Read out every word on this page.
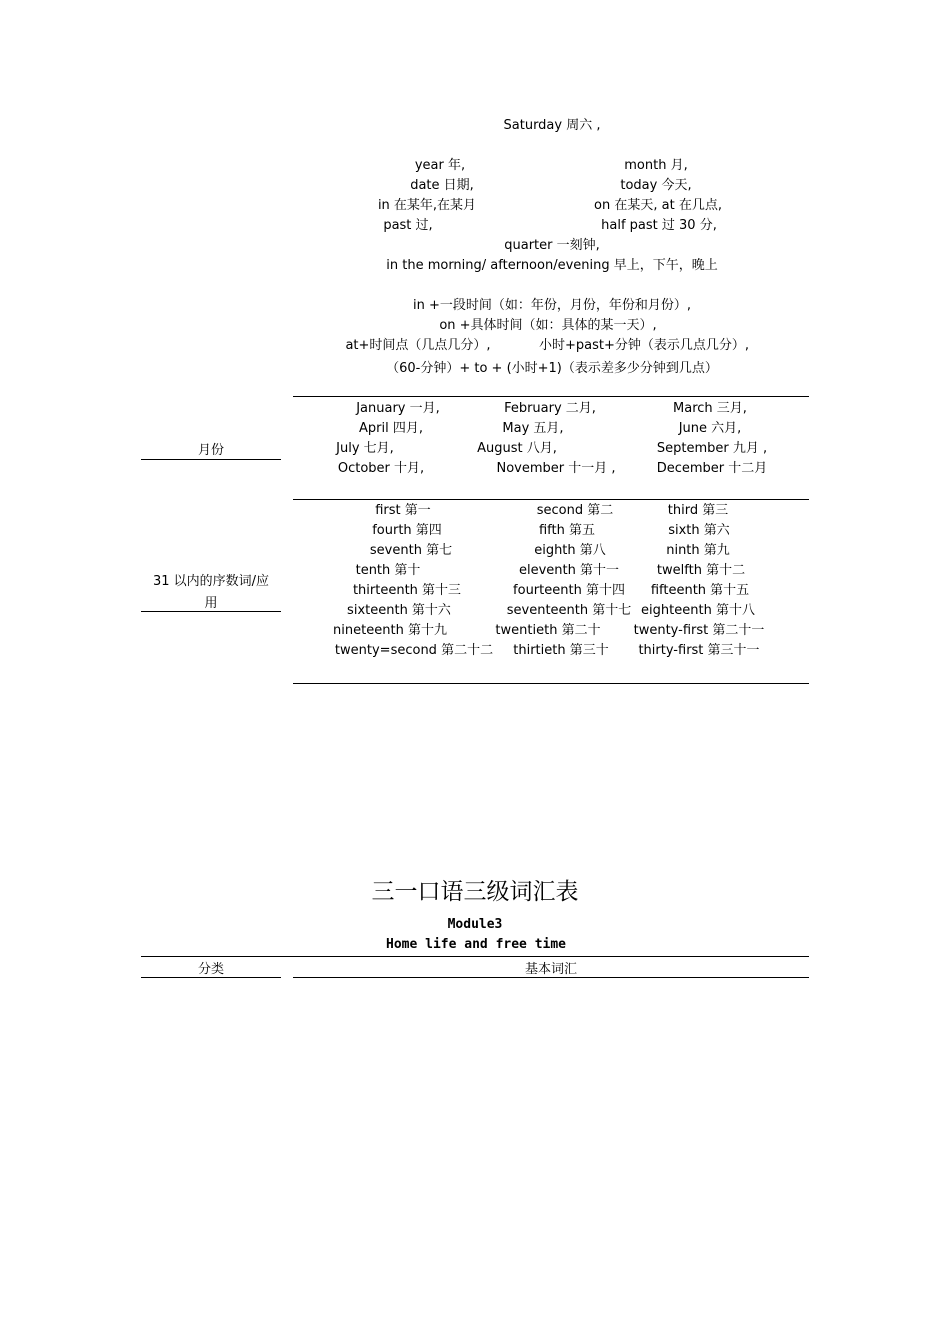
Saturday 周六 ,
year 年,	month 月,
date 日期,	today 今天,
in 在某年,在某月	on 在某天, at 在几点,
past 过,	half past 过 30 分,
quarter 一刻钟,
in the morning/ afternoon/evening 早上，下午，晚上
in +一段时间（如：年份，月份，年份和月份）,
on +具体时间（如：具体的某一天）,
at+时间点（几点几分）,	小时+past+分钟（表示几点几分）,
（60-分钟）+ to + (小时+1)（表示差多少分钟到几点）
January 一月,	February 二月,	March 三月,
April 四月,	May 五月,	June 六月,
July 七月,	August 八月,	September 九月 ,
October 十月,	November 十一月 ,	December 十二月
月份
first 第一	second 第二	third 第三
fourth 第四	fifth 第五	sixth 第六
seventh 第七	eighth 第八	ninth 第九
tenth 第十	eleventh 第十一	twelfth 第十二
thirteenth 第十三	fourteenth 第十四 fifteenth 第十五
sixteenth 第十六	seventeenth 第十七 eighteenth 第十八
nineteenth 第十九	twentieth 第二十	twenty-first 第二十一
twenty=second 第二十二 thirtieth 第三十 thirty-first 第三十一
31 以内的序数词/应
用
三一口语三级词汇表
Module3
Home life and free time
分类	基本词汇
